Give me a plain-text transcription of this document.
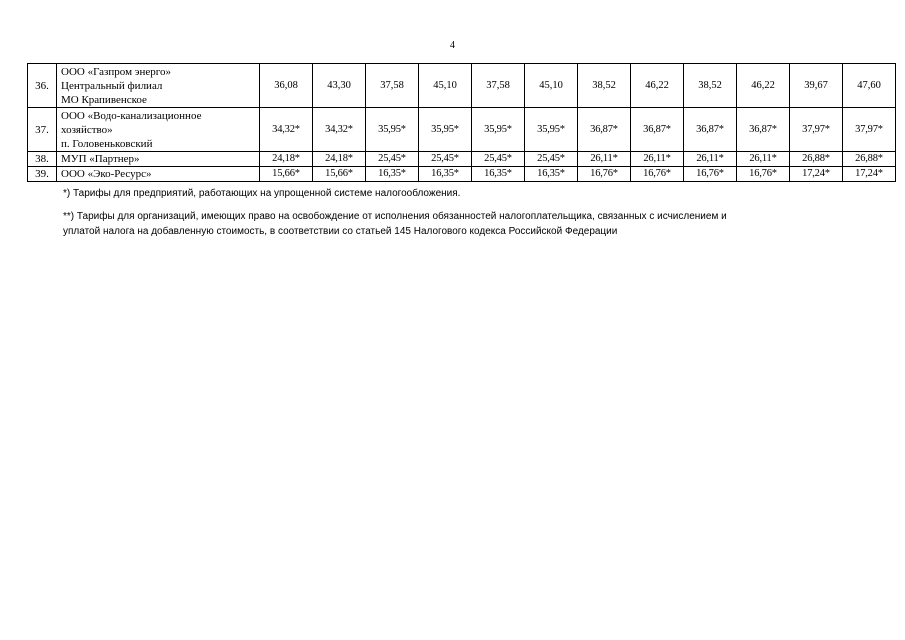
4
36.	ООО «Газпром энерго»
Центральный филиал
МО Крапивенское	36,08	43,30	37,58	45,10	37,58	45,10	38,52	46,22	38,52	46,22	39,67	47,60
37.	ООО «Водо-канализационное
хозяйство»
п. Головеньковский	34,32*	34,32*	35,95*	35,95*	35,95*	35,95*	36,87*	36,87*	36,87*	36,87*	37,97*	37,97*
38.	МУП «Партнер»	24,18*	24,18*	25,45*	25,45*	25,45*	25,45*	26,11*	26,11*	26,11*	26,11*	26,88*	26,88*
39.	ООО «Эко-Ресурс»	15,66*	15,66*	16,35*	16,35*	16,35*	16,35*	16,76*	16,76*	16,76*	16,76*	17,24*	17,24*

*) Тарифы для предприятий, работающих на упрощенной системе налогообложения.

**) Тарифы для организаций, имеющих право на освобождение от исполнения обязанностей налогоплательщика, связанных с исчислением и

уплатой налога на добавленную стоимость, в соответствии со статьей 145 Налогового кодекса Российской Федерации
